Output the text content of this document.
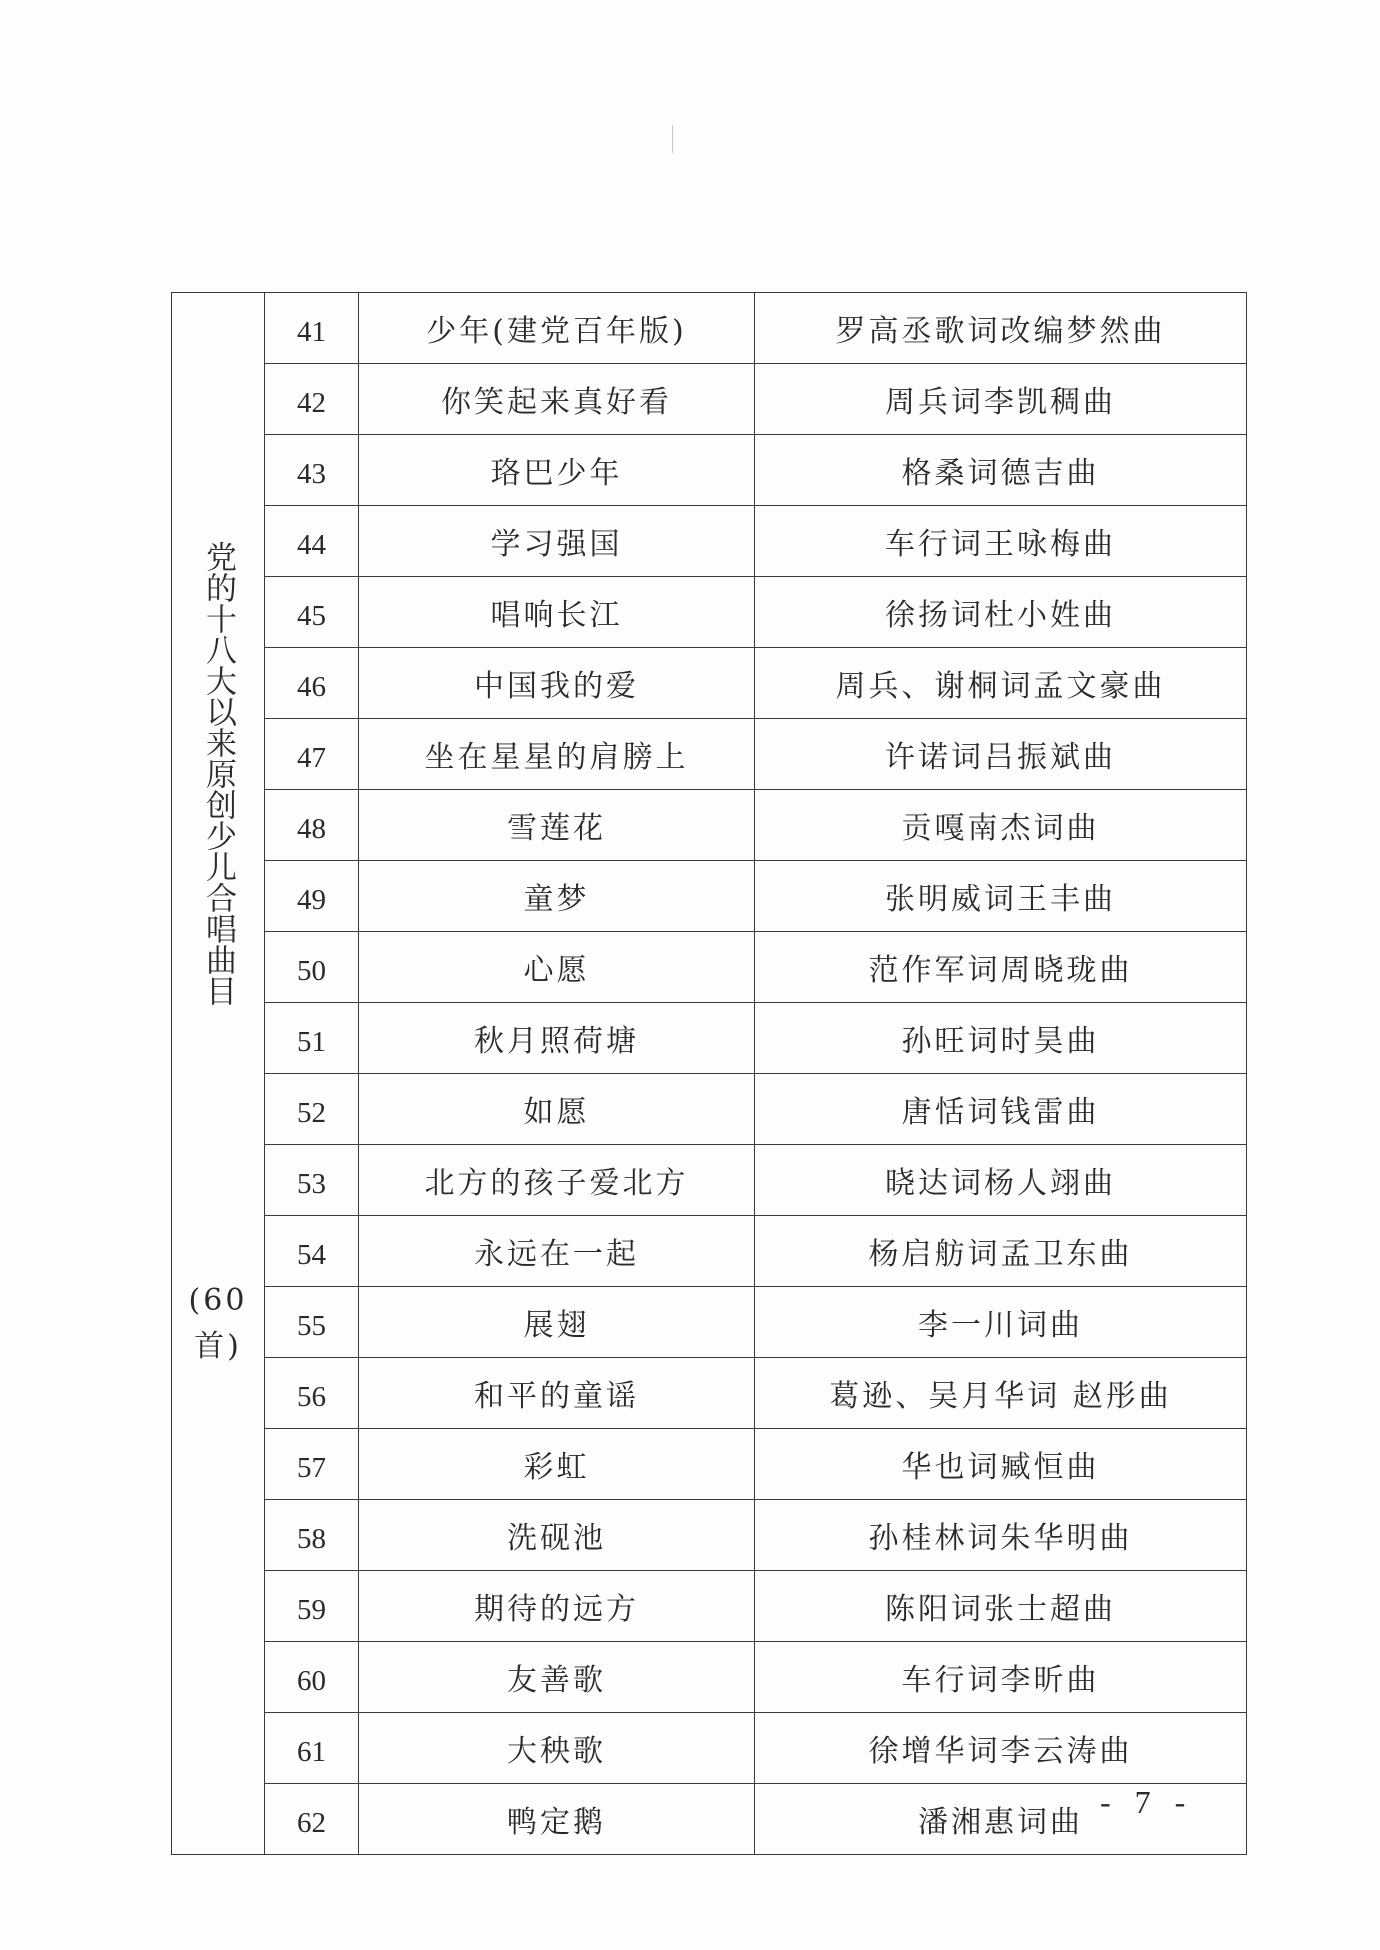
党的十八大以来原创少儿合唱曲目
(60
首)	41	少年(建党百年版)	罗高丞歌词改编梦然曲
	42	你笑起来真好看	周兵词李凯稠曲
	43	珞巴少年	格桑词德吉曲
	44	学习强国	车行词王咏梅曲
	45	唱响长江	徐扬词杜小姓曲
	46	中国我的爱	周兵、谢桐词孟文豪曲
	47	坐在星星的肩膀上	许诺词吕振斌曲
	48	雪莲花	贡嘎南杰词曲
	49	童梦	张明威词王丰曲
	50	心愿	范作军词周晓珑曲
	51	秋月照荷塘	孙旺词时昊曲
	52	如愿	唐恬词钱雷曲
	53	北方的孩子爱北方	晓达词杨人翊曲
	54	永远在一起	杨启舫词孟卫东曲
	55	展翅	李一川词曲
	56	和平的童谣	葛逊、吴月华词 赵彤曲
	57	彩虹	华也词臧恒曲
	58	洗砚池	孙桂林词朱华明曲
	59	期待的远方	陈阳词张士超曲
	60	友善歌	车行词李昕曲
	61	大秧歌	徐增华词李云涛曲
	62	鸭定鹅	潘湘惠词曲
- 7 -
